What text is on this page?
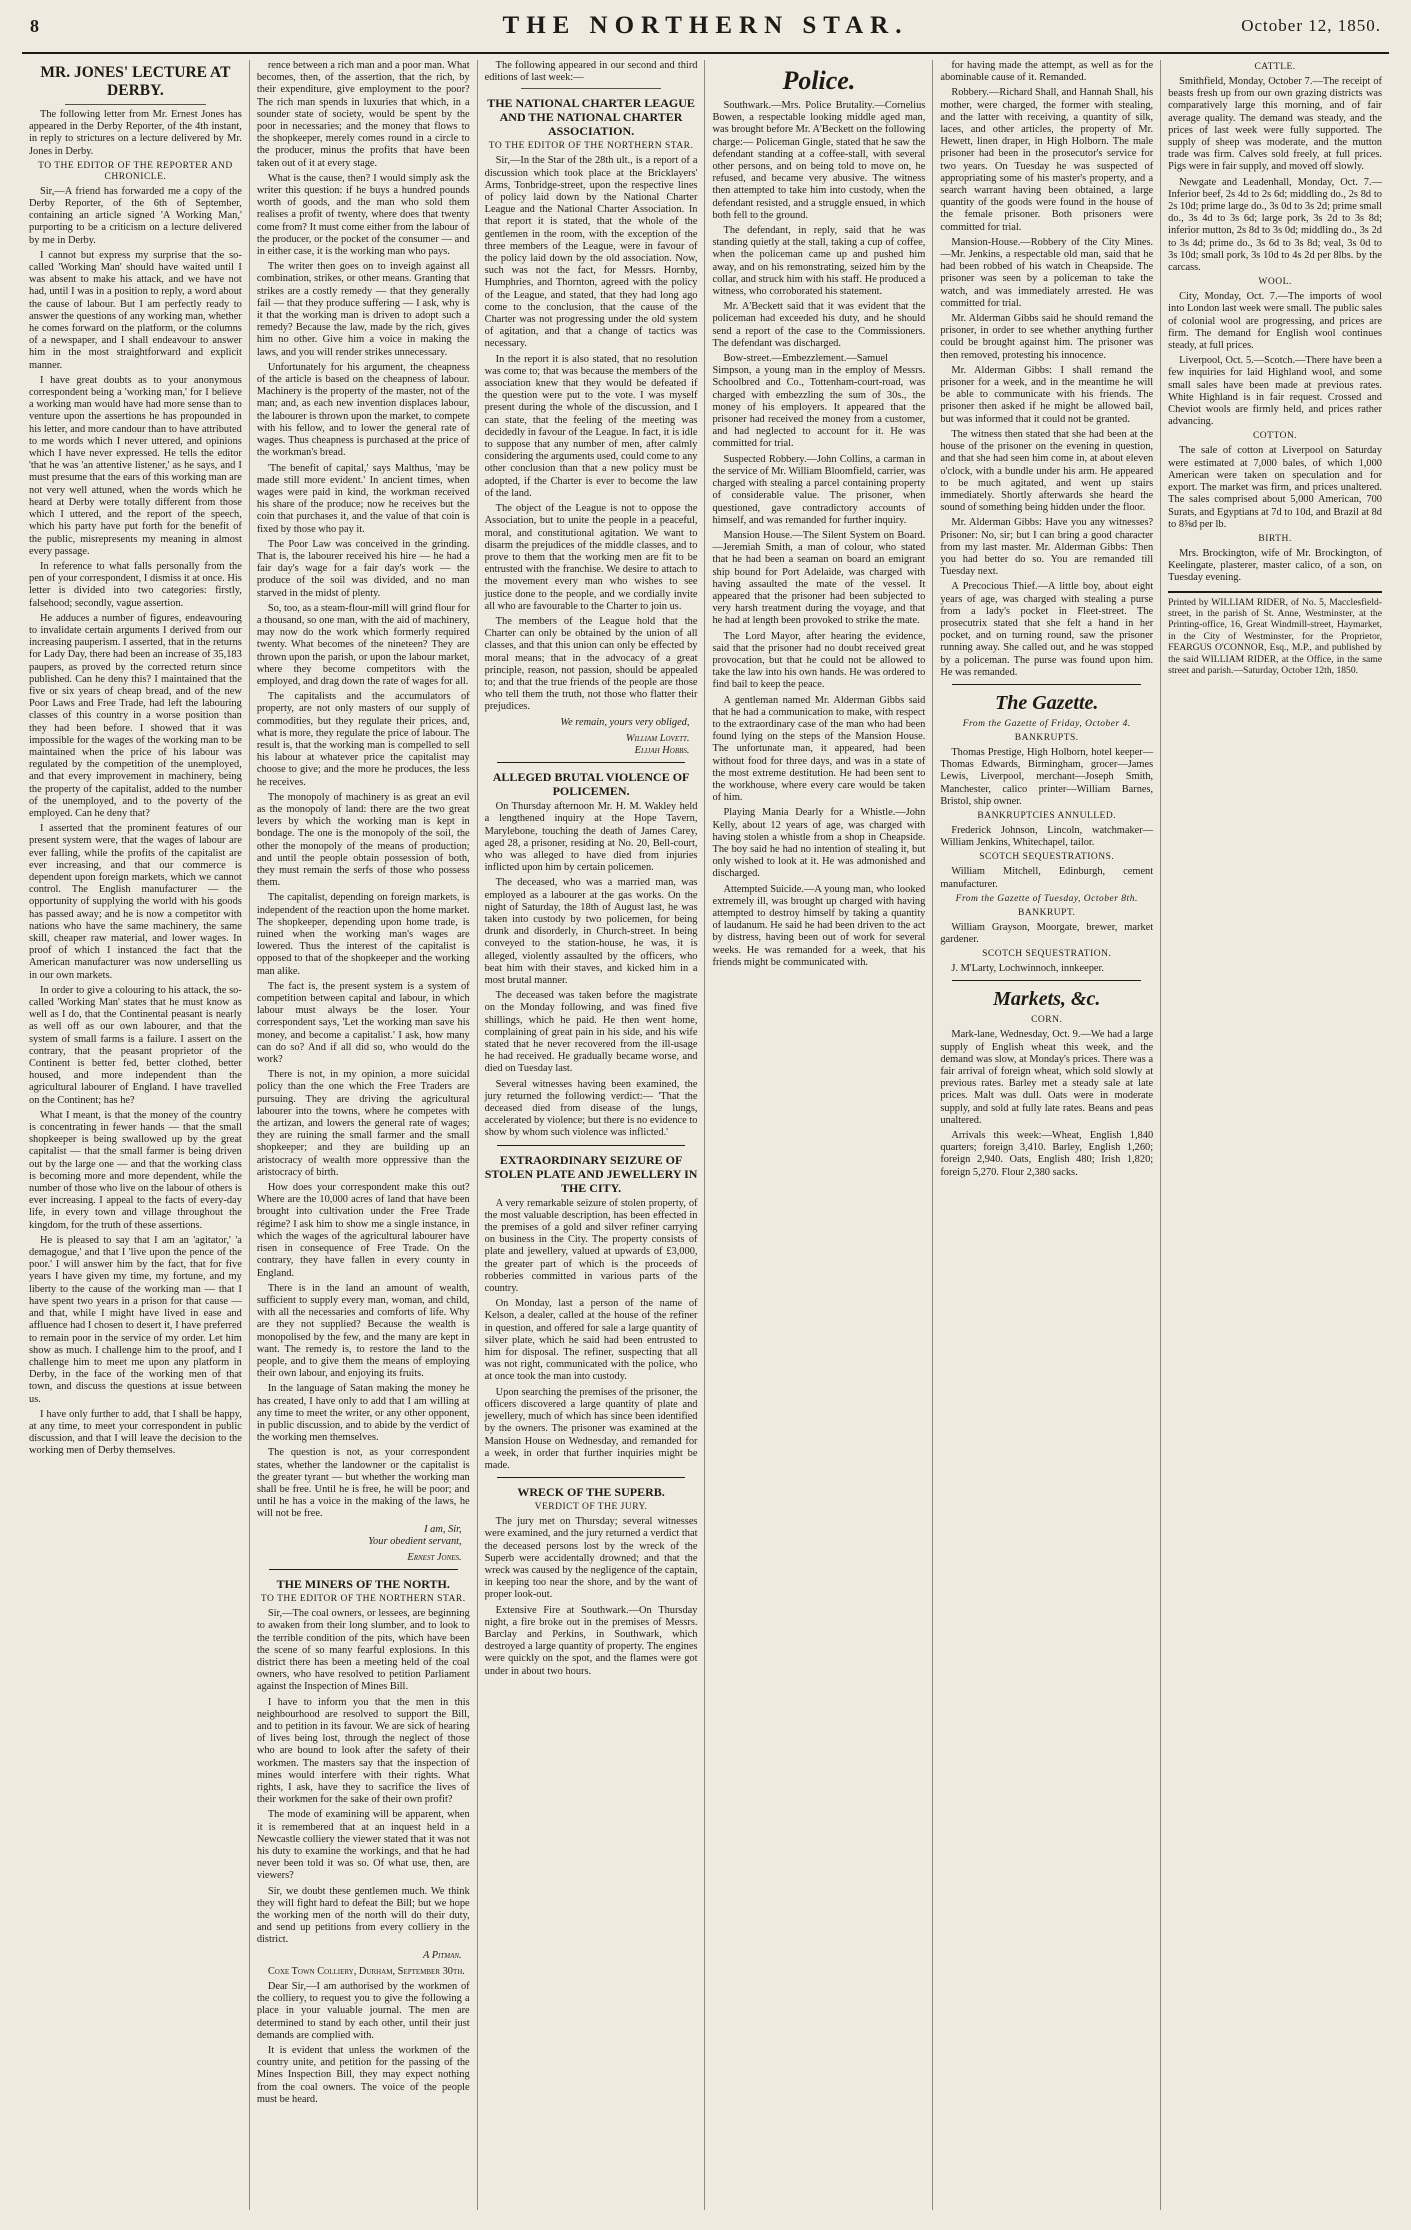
8	THE NORTHERN STAR.	October 12, 1850.
MR. JONES' LECTURE AT DERBY.

The following letter from Mr. Ernest Jones has appeared in the Derby Reporter, of the 4th instant, in reply to strictures on a lecture delivered by Mr. Jones in Derby.

TO THE EDITOR OF THE REPORTER AND CHRONICLE.

Sir,—A friend has forwarded me a copy of the Derby Reporter, of the 6th of September, containing an article signed 'A Working Man,' purporting to be a criticism on a lecture delivered by me in Derby.

I cannot but express my surprise that the so-called 'Working Man' should have waited until I was absent to make his attack, and we have not had, until I was in a position to reply, a word about the cause of labour. But I am perfectly ready to answer the questions of any working man, whether he comes forward on the platform, or the columns of a newspaper, and I shall endeavour to answer him in the most straightforward and explicit manner.

I have great doubts as to your anonymous correspondent being a 'working man,' for I believe a working man would have had more sense than to venture upon the assertions he has propounded in his letter, and more candour than to have attributed to me words which I never uttered, and opinions which I have never expressed. He tells the editor 'that he was 'an attentive listener,' as he says, and I must presume that the ears of this working man are not very well attuned, when the words which he heard at Derby were totally different from those which I uttered, and the report of the speech, which his party have put forth for the benefit of the public, misrepresents my meaning in almost every passage.

In reference to what falls personally from the pen of your correspondent, I dismiss it at once. His letter is divided into two categories: firstly, falsehood; secondly, vague assertion.

He adduces a number of figures, endeavouring to invalidate certain arguments I derived from our increasing pauperism. I asserted, that in the returns for Lady Day, there had been an increase of 35,183 paupers, as proved by the corrected return since published. Can he deny this? I maintained that the five or six years of cheap bread, and of the new Poor Laws and Free Trade, had left the labouring classes of this country in a worse position than they had been before. I showed that it was impossible for the wages of the working man to be maintained when the price of his labour was regulated by the competition of the unemployed, and that every improvement in machinery, being the property of the capitalist, added to the number of the unemployed, and to the poverty of the employed. Can he deny that?

I asserted that the prominent features of our present system were, that the wages of labour are ever falling, while the profits of the capitalist are ever increasing, and that our commerce is dependent upon foreign markets, which we cannot control. The English manufacturer — the opportunity of supplying the world with his goods has passed away; and he is now a competitor with nations who have the same machinery, the same skill, cheaper raw material, and lower wages. In proof of which I instanced the fact that the American manufacturer was now underselling us in our own markets.

In order to give a colouring to his attack, the so-called 'Working Man' states that he must know as well as I do, that the Continental peasant is nearly as well off as our own labourer, and that the system of small farms is a failure. I assert on the contrary, that the peasant proprietor of the Continent is better fed, better clothed, better housed, and more independent than the agricultural labourer of England. I have travelled on the Continent; has he?

What I meant, is that the money of the country is concentrating in fewer hands — that the small shopkeeper is being swallowed up by the great capitalist — that the small farmer is being driven out by the large one — and that the working class is becoming more and more dependent, while the number of those who live on the labour of others is ever increasing. I appeal to the facts of every-day life, in every town and village throughout the kingdom, for the truth of these assertions.

He is pleased to say that I am an 'agitator,' 'a demagogue,' and that I 'live upon the pence of the poor.' I will answer him by the fact, that for five years I have given my time, my fortune, and my liberty to the cause of the working man — that I have spent two years in a prison for that cause — and that, while I might have lived in ease and affluence had I chosen to desert it, I have preferred to remain poor in the service of my order. Let him show as much. I challenge him to the proof, and I challenge him to meet me upon any platform in Derby, in the face of the working men of that town, and discuss the questions at issue between us.

I have only further to add, that I shall be happy, at any time, to meet your correspondent in public discussion, and that I will leave the decision to the working men of Derby themselves.

rence between a rich man and a poor man. What becomes, then, of the assertion, that the rich, by their expenditure, give employment to the poor? The rich man spends in luxuries that which, in a sounder state of society, would be spent by the poor in necessaries; and the money that flows to the shopkeeper, merely comes round in a circle to the producer, minus the profits that have been taken out of it at every stage.

What is the cause, then? I would simply ask the writer this question: if he buys a hundred pounds worth of goods, and the man who sold them realises a profit of twenty, where does that twenty come from? It must come either from the labour of the producer, or the pocket of the consumer — and in either case, it is the working man who pays.

The writer then goes on to inveigh against all combination, strikes, or other means. Granting that strikes are a costly remedy — that they generally fail — that they produce suffering — I ask, why is it that the working man is driven to adopt such a remedy? Because the law, made by the rich, gives him no other. Give him a voice in making the laws, and you will render strikes unnecessary.

Unfortunately for his argument, the cheapness of the article is based on the cheapness of labour. Machinery is the property of the master, not of the man; and, as each new invention displaces labour, the labourer is thrown upon the market, to compete with his fellow, and to lower the general rate of wages. Thus cheapness is purchased at the price of the workman's bread.

'The benefit of capital,' says Malthus, 'may be made still more evident.' In ancient times, when wages were paid in kind, the workman received his share of the produce; now he receives but the coin that purchases it, and the value of that coin is fixed by those who pay it.

The Poor Law was conceived in the grinding. That is, the labourer received his hire — he had a fair day's wage for a fair day's work — the produce of the soil was divided, and no man starved in the midst of plenty.

So, too, as a steam-flour-mill will grind flour for a thousand, so one man, with the aid of machinery, may now do the work which formerly required twenty. What becomes of the nineteen? They are thrown upon the parish, or upon the labour market, where they become competitors with the employed, and drag down the rate of wages for all.

The capitalists and the accumulators of property, are not only masters of our supply of commodities, but they regulate their prices, and, what is more, they regulate the price of labour. The result is, that the working man is compelled to sell his labour at whatever price the capitalist may choose to give; and the more he produces, the less he receives.

The monopoly of machinery is as great an evil as the monopoly of land: there are the two great levers by which the working man is kept in bondage. The one is the monopoly of the soil, the other the monopoly of the means of production; and until the people obtain possession of both, they must remain the serfs of those who possess them.

The capitalist, depending on foreign markets, is independent of the reaction upon the home market. The shopkeeper, depending upon home trade, is ruined when the working man's wages are lowered. Thus the interest of the capitalist is opposed to that of the shopkeeper and the working man alike.

The fact is, the present system is a system of competition between capital and labour, in which labour must always be the loser. Your correspondent says, 'Let the working man save his money, and become a capitalist.' I ask, how many can do so? And if all did so, who would do the work?

There is not, in my opinion, a more suicidal policy than the one which the Free Traders are pursuing. They are driving the agricultural labourer into the towns, where he competes with the artizan, and lowers the general rate of wages; they are ruining the small farmer and the small shopkeeper; and they are building up an aristocracy of wealth more oppressive than the aristocracy of birth.

How does your correspondent make this out? Where are the 10,000 acres of land that have been brought into cultivation under the Free Trade régime? I ask him to show me a single instance, in which the wages of the agricultural labourer have risen in consequence of Free Trade. On the contrary, they have fallen in every county in England.

There is in the land an amount of wealth, sufficient to supply every man, woman, and child, with all the necessaries and comforts of life. Why are they not supplied? Because the wealth is monopolised by the few, and the many are kept in want. The remedy is, to restore the land to the people, and to give them the means of employing their own labour, and enjoying its fruits.

In the language of Satan making the money he has created, I have only to add that I am willing at any time to meet the writer, or any other opponent, in public discussion, and to abide by the verdict of the working men themselves.

The question is not, as your correspondent states, whether the landowner or the capitalist is the greater tyrant — but whether the working man shall be free. Until he is free, he will be poor; and until he has a voice in the making of the laws, he will not be free.

I am, Sir,
Your obedient servant,
Ernest Jones.
THE MINERS OF THE NORTH.
TO THE EDITOR OF THE NORTHERN STAR.

Sir,—The coal owners, or lessees, are beginning to awaken from their long slumber, and to look to the terrible condition of the pits, which have been the scene of so many fearful explosions. In this district there has been a meeting held of the coal owners, who have resolved to petition Parliament against the Inspection of Mines Bill.

I have to inform you that the men in this neighbourhood are resolved to support the Bill, and to petition in its favour. We are sick of hearing of lives being lost, through the neglect of those who are bound to look after the safety of their workmen. The masters say that the inspection of mines would interfere with their rights. What rights, I ask, have they to sacrifice the lives of their workmen for the sake of their own profit?

The mode of examining will be apparent, when it is remembered that at an inquest held in a Newcastle colliery the viewer stated that it was not his duty to examine the workings, and that he had never been told it was so. Of what use, then, are viewers?

Sir, we doubt these gentlemen much. We think they will fight hard to defeat the Bill; but we hope the working men of the north will do their duty, and send up petitions from every colliery in the district.

A Pitman.

Coxe Town Colliery, Durham, September 30th.

Dear Sir,—I am authorised by the workmen of the colliery, to request you to give the following a place in your valuable journal. The men are determined to stand by each other, until their just demands are complied with.

It is evident that unless the workmen of the country unite, and petition for the passing of the Mines Inspection Bill, they may expect nothing from the coal owners. The voice of the people must be heard.

The following appeared in our second and third editions of last week:—

THE NATIONAL CHARTER LEAGUE AND THE NATIONAL CHARTER ASSOCIATION.
TO THE EDITOR OF THE NORTHERN STAR.

Sir,—In the Star of the 28th ult., is a report of a discussion which took place at the Bricklayers' Arms, Tonbridge-street, upon the respective lines of policy laid down by the National Charter League and the National Charter Association. In that report it is stated, that the whole of the gentlemen in the room, with the exception of the three members of the League, were in favour of the policy laid down by the old association. Now, such was not the fact, for Messrs. Hornby, Humphries, and Thornton, agreed with the policy of the League, and stated, that they had long ago come to the conclusion, that the cause of the Charter was not progressing under the old system of agitation, and that a change of tactics was necessary.

In the report it is also stated, that no resolution was come to; that was because the members of the association knew that they would be defeated if the question were put to the vote. I was myself present during the whole of the discussion, and I can state, that the feeling of the meeting was decidedly in favour of the League. In fact, it is idle to suppose that any number of men, after calmly considering the arguments used, could come to any other conclusion than that a new policy must be adopted, if the Charter is ever to become the law of the land.

The object of the League is not to oppose the Association, but to unite the people in a peaceful, moral, and constitutional agitation. We want to disarm the prejudices of the middle classes, and to prove to them that the working men are fit to be entrusted with the franchise. We desire to attach to the movement every man who wishes to see justice done to the people, and we cordially invite all who are favourable to the Charter to join us.

The members of the League hold that the Charter can only be obtained by the union of all classes, and that this union can only be effected by moral means; that in the advocacy of a great principle, reason, not passion, should be appealed to; and that the true friends of the people are those who tell them the truth, not those who flatter their prejudices.

We remain, yours very obliged,
William Lovett.
Elijah Hobbs.
ALLEGED BRUTAL VIOLENCE OF POLICEMEN.

On Thursday afternoon Mr. H. M. Wakley held a lengthened inquiry at the Hope Tavern, Marylebone, touching the death of James Carey, aged 28, a prisoner, residing at No. 20, Bell-court, who was alleged to have died from injuries inflicted upon him by certain policemen.

The deceased, who was a married man, was employed as a labourer at the gas works. On the night of Saturday, the 18th of August last, he was taken into custody by two policemen, for being drunk and disorderly, in Church-street. In being conveyed to the station-house, he was, it is alleged, violently assaulted by the officers, who beat him with their staves, and kicked him in a most brutal manner.

The deceased was taken before the magistrate on the Monday following, and was fined five shillings, which he paid. He then went home, complaining of great pain in his side, and his wife stated that he never recovered from the ill-usage he had received. He gradually became worse, and died on Tuesday last.

Several witnesses having been examined, the jury returned the following verdict:— 'That the deceased died from disease of the lungs, accelerated by violence; but there is no evidence to show by whom such violence was inflicted.'

EXTRAORDINARY SEIZURE OF STOLEN PLATE AND JEWELLERY IN THE CITY.

A very remarkable seizure of stolen property, of the most valuable description, has been effected in the premises of a gold and silver refiner carrying on business in the City. The property consists of plate and jewellery, valued at upwards of £3,000, the greater part of which is the proceeds of robberies committed in various parts of the country.

On Monday, last a person of the name of Kelson, a dealer, called at the house of the refiner in question, and offered for sale a large quantity of silver plate, which he said had been entrusted to him for disposal. The refiner, suspecting that all was not right, communicated with the police, who at once took the man into custody.

Upon searching the premises of the prisoner, the officers discovered a large quantity of plate and jewellery, much of which has since been identified by the owners. The prisoner was examined at the Mansion House on Wednesday, and remanded for a week, in order that further inquiries might be made.

WRECK OF THE SUPERB.
VERDICT OF THE JURY.

The jury met on Thursday; several witnesses were examined, and the jury returned a verdict that the deceased persons lost by the wreck of the Superb were accidentally drowned; and that the wreck was caused by the negligence of the captain, in keeping too near the shore, and by the want of proper look-out.

Extensive Fire at Southwark.—On Thursday night, a fire broke out in the premises of Messrs. Barclay and Perkins, in Southwark, which destroyed a large quantity of property. The engines were quickly on the spot, and the flames were got under in about two hours.

Police.

Southwark.—Mrs. Police Brutality.—Cornelius Bowen, a respectable looking middle aged man, was brought before Mr. A'Beckett on the following charge:— Policeman Gingle, stated that he saw the defendant standing at a coffee-stall, with several other persons, and on being told to move on, he refused, and became very abusive. The witness then attempted to take him into custody, when the defendant resisted, and a struggle ensued, in which both fell to the ground.

The defendant, in reply, said that he was standing quietly at the stall, taking a cup of coffee, when the policeman came up and pushed him away, and on his remonstrating, seized him by the collar, and struck him with his staff. He produced a witness, who corroborated his statement.

Mr. A'Beckett said that it was evident that the policeman had exceeded his duty, and he should send a report of the case to the Commissioners. The defendant was discharged.

Bow-street.—Embezzlement.—Samuel Simpson, a young man in the employ of Messrs. Schoolbred and Co., Tottenham-court-road, was charged with embezzling the sum of 30s., the money of his employers. It appeared that the prisoner had received the money from a customer, and had neglected to account for it. He was committed for trial.

Suspected Robbery.—John Collins, a carman in the service of Mr. William Bloomfield, carrier, was charged with stealing a parcel containing property of considerable value. The prisoner, when questioned, gave contradictory accounts of himself, and was remanded for further inquiry.

Mansion House.—The Silent System on Board.—Jeremiah Smith, a man of colour, who stated that he had been a seaman on board an emigrant ship bound for Port Adelaide, was charged with having assaulted the mate of the vessel. It appeared that the prisoner had been subjected to very harsh treatment during the voyage, and that he had at length been provoked to strike the mate.

The Lord Mayor, after hearing the evidence, said that the prisoner had no doubt received great provocation, but that he could not be allowed to take the law into his own hands. He was ordered to find bail to keep the peace.

A gentleman named Mr. Alderman Gibbs said that he had a communication to make, with respect to the extraordinary case of the man who had been found lying on the steps of the Mansion House. The unfortunate man, it appeared, had been without food for three days, and was in a state of the most extreme destitution. He had been sent to the workhouse, where every care would be taken of him.

Playing Mania Dearly for a Whistle.—John Kelly, about 12 years of age, was charged with having stolen a whistle from a shop in Cheapside. The boy said he had no intention of stealing it, but only wished to look at it. He was admonished and discharged.

Attempted Suicide.—A young man, who looked extremely ill, was brought up charged with having attempted to destroy himself by taking a quantity of laudanum. He said he had been driven to the act by distress, having been out of work for several weeks. He was remanded for a week, that his friends might be communicated with.

for having made the attempt, as well as for the abominable cause of it. Remanded.

Robbery.—Richard Shall, and Hannah Shall, his mother, were charged, the former with stealing, and the latter with receiving, a quantity of silk, laces, and other articles, the property of Mr. Hewett, linen draper, in High Holborn. The male prisoner had been in the prosecutor's service for two years. On Tuesday he was suspected of appropriating some of his master's property, and a search warrant having been obtained, a large quantity of the goods were found in the house of the female prisoner. Both prisoners were committed for trial.

Mansion-House.—Robbery of the City Mines.—Mr. Jenkins, a respectable old man, said that he had been robbed of his watch in Cheapside. The prisoner was seen by a policeman to take the watch, and was immediately arrested. He was committed for trial.

Mr. Alderman Gibbs said he should remand the prisoner, in order to see whether anything further could be brought against him. The prisoner was then removed, protesting his innocence.

Mr. Alderman Gibbs: I shall remand the prisoner for a week, and in the meantime he will be able to communicate with his friends. The prisoner then asked if he might be allowed bail, but was informed that it could not be granted.

The witness then stated that she had been at the house of the prisoner on the evening in question, and that she had seen him come in, at about eleven o'clock, with a bundle under his arm. He appeared to be much agitated, and went up stairs immediately. Shortly afterwards she heard the sound of something being hidden under the floor.

Mr. Alderman Gibbs: Have you any witnesses? Prisoner: No, sir; but I can bring a good character from my last master. Mr. Alderman Gibbs: Then you had better do so. You are remanded till Tuesday next.

A Precocious Thief.—A little boy, about eight years of age, was charged with stealing a purse from a lady's pocket in Fleet-street. The prosecutrix stated that she felt a hand in her pocket, and on turning round, saw the prisoner running away. She called out, and he was stopped by a policeman. The purse was found upon him. He was remanded.

The Gazette.
From the Gazette of Friday, October 4.
BANKRUPTS.

Thomas Prestige, High Holborn, hotel keeper—Thomas Edwards, Birmingham, grocer—James Lewis, Liverpool, merchant—Joseph Smith, Manchester, calico printer—William Barnes, Bristol, ship owner.

BANKRUPTCIES ANNULLED.

Frederick Johnson, Lincoln, watchmaker—William Jenkins, Whitechapel, tailor.

SCOTCH SEQUESTRATIONS.

William Mitchell, Edinburgh, cement manufacturer.

From the Gazette of Tuesday, October 8th.
BANKRUPT.

William Grayson, Moorgate, brewer, market gardener.

SCOTCH SEQUESTRATION.

J. M'Larty, Lochwinnoch, innkeeper.

Markets, &c.
CORN.

Mark-lane, Wednesday, Oct. 9.—We had a large supply of English wheat this week, and the demand was slow, at Monday's prices. There was a fair arrival of foreign wheat, which sold slowly at previous rates. Barley met a steady sale at late prices. Malt was dull. Oats were in moderate supply, and sold at fully late rates. Beans and peas unaltered.

Arrivals this week:—Wheat, English 1,840 quarters; foreign 3,410. Barley, English 1,260; foreign 2,940. Oats, English 480; Irish 1,820; foreign 5,270. Flour 2,380 sacks.

CATTLE.

Smithfield, Monday, October 7.—The receipt of beasts fresh up from our own grazing districts was comparatively large this morning, and of fair average quality. The demand was steady, and the prices of last week were fully supported. The supply of sheep was moderate, and the mutton trade was firm. Calves sold freely, at full prices. Pigs were in fair supply, and moved off slowly.

Newgate and Leadenhall, Monday, Oct. 7.—Inferior beef, 2s 4d to 2s 6d; middling do., 2s 8d to 2s 10d; prime large do., 3s 0d to 3s 2d; prime small do., 3s 4d to 3s 6d; large pork, 3s 2d to 3s 8d; inferior mutton, 2s 8d to 3s 0d; middling do., 3s 2d to 3s 4d; prime do., 3s 6d to 3s 8d; veal, 3s 0d to 3s 10d; small pork, 3s 10d to 4s 2d per 8lbs. by the carcass.

WOOL.

City, Monday, Oct. 7.—The imports of wool into London last week were small. The public sales of colonial wool are progressing, and prices are firm. The demand for English wool continues steady, at full prices.

Liverpool, Oct. 5.—Scotch.—There have been a few inquiries for laid Highland wool, and some small sales have been made at previous rates. White Highland is in fair request. Crossed and Cheviot wools are firmly held, and prices rather advancing.

COTTON.

The sale of cotton at Liverpool on Saturday were estimated at 7,000 bales, of which 1,000 American were taken on speculation and for export. The market was firm, and prices unaltered. The sales comprised about 5,000 American, 700 Surats, and Egyptians at 7d to 10d, and Brazil at 8d to 8⅝d per lb.

BIRTH.

Mrs. Brockington, wife of Mr. Brockington, of Keelingate, plasterer, master calico, of a son, on Tuesday evening.

Printed by WILLIAM RIDER, of No. 5, Macclesfield-street, in the parish of St. Anne, Westminster, at the Printing-office, 16, Great Windmill-street, Haymarket, in the City of Westminster, for the Proprietor, FEARGUS O'CONNOR, Esq., M.P., and published by the said WILLIAM RIDER, at the Office, in the same street and parish.—Saturday, October 12th, 1850.
